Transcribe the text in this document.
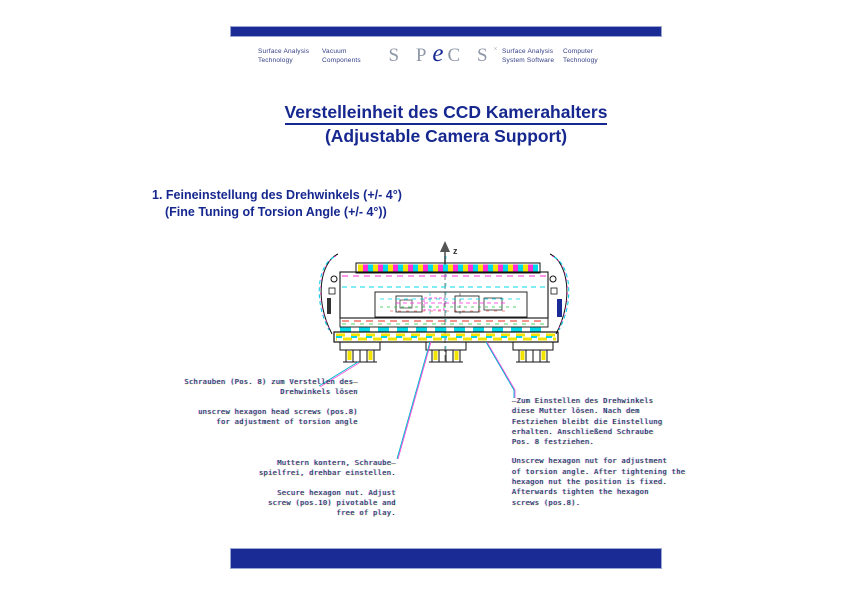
Surface Analysis
Technology
Vacuum
Components S PeC S× Surface Analysis
System Software
Computer
Technology
Verstelleinheit des CCD Kamerahalters
(Adjustable Camera Support)
1. Feineinstellung des Drehwinkels (+/- 4°)
(Fine Tuning of Torsion Angle (+/- 4°))
z
Schrauben (Pos. 8) zum Verstellen des—
Drehwinkels lösen
unscrew hexagon head screws (pos.8)
for adjustment of torsion angle
Muttern kontern, Schraube—
spielfrei, drehbar einstellen.
Secure hexagon nut. Adjust
screw (pos.10) pivotable and
free of play.
—Zum Einstellen des Drehwinkels
diese Mutter lösen. Nach dem
Festziehen bleibt die Einstellung
erhalten. Anschließend Schraube
Pos. 8 festziehen.
Unscrew hexagon nut for adjustment
of torsion angle. After tightening the
hexagon nut the position is fixed.
Afterwards tighten the hexagon
screws (pos.8).
